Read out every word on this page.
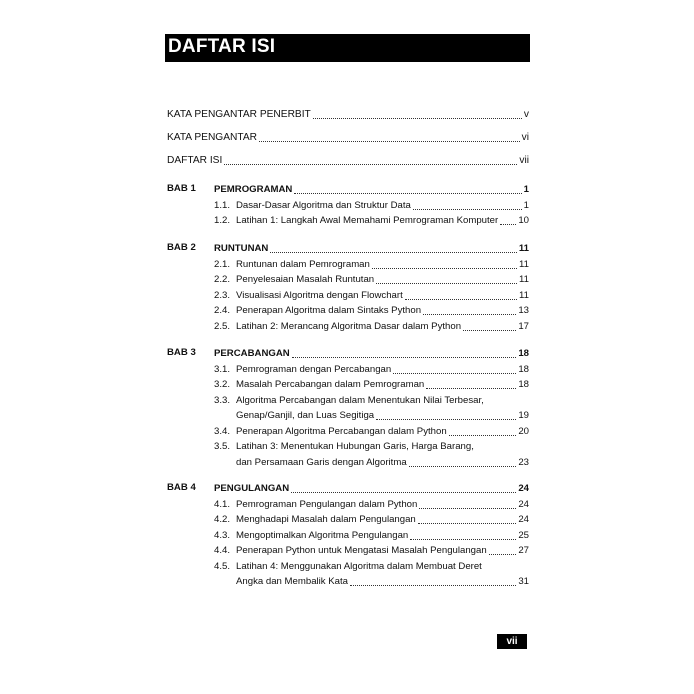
DAFTAR ISI
KATA PENGANTAR PENERBIT	v
KATA PENGANTAR	vi
DAFTAR ISI	vii
BAB 1 PEMROGRAMAN	1
1.1. Dasar-Dasar Algoritma dan Struktur Data	1
1.2. Latihan 1: Langkah Awal Memahami Pemrograman Komputer 10
BAB 2 RUNTUNAN	11
2.1. Runtunan dalam Pemrograman	11
2.2. Penyelesaian Masalah Runtutan	11
2.3. Visualisasi Algoritma dengan Flowchart	11
2.4. Penerapan Algoritma dalam Sintaks Python	13
2.5. Latihan 2: Merancang Algoritma Dasar dalam Python	17
BAB 3 PERCABANGAN	18
3.1. Pemrograman dengan Percabangan	18
3.2. Masalah Percabangan dalam Pemrograman	18
3.3. Algoritma Percabangan dalam Menentukan Nilai Terbesar,
Genap/Ganjil, dan Luas Segitiga	19
3.4. Penerapan Algoritma Percabangan dalam Python	20
3.5. Latihan 3: Menentukan Hubungan Garis, Harga Barang,
dan Persamaan Garis dengan Algoritma	23
BAB 4 PENGULANGAN	24
4.1. Pemrograman Pengulangan dalam Python	24
4.2. Menghadapi Masalah dalam Pengulangan	24
4.3. Mengoptimalkan Algoritma Pengulangan	25
4.4. Penerapan Python untuk Mengatasi Masalah Pengulangan	27
4.5. Latihan 4: Menggunakan Algoritma dalam Membuat Deret
Angka dan Membalik Kata	31
vii
